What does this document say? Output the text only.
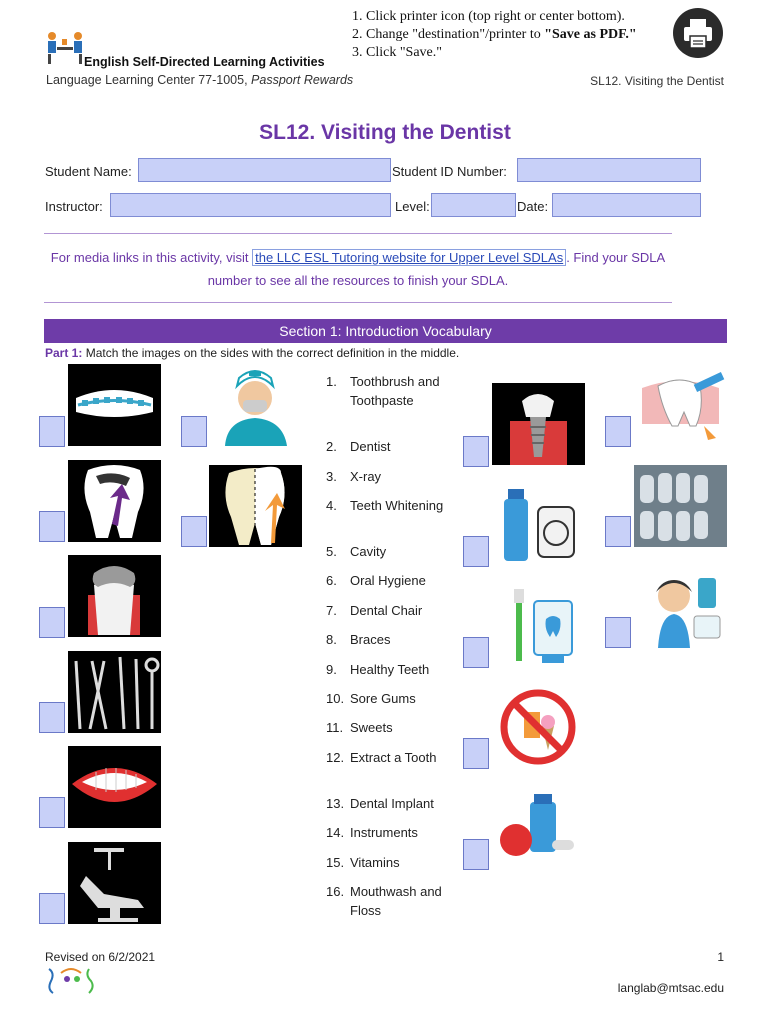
English Self-Directed Learning Activities
Language Learning Center 77-1005, Passport Rewards
1. Click printer icon (top right or center bottom).
2. Change "destination"/printer to "Save as PDF."
3. Click "Save."
SL12. Visiting the Dentist
SL12. Visiting the Dentist
Student Name:	Student ID Number:
Instructor:	Level:	Date:
For media links in this activity, visit the LLC ESL Tutoring website for Upper Level SDLAs . Find your SDLA number to see all the resources to finish your SDLA.
Section 1: Introduction Vocabulary
Part 1: Match the images on the sides with the correct definition in the middle.
1. Toothbrush and Toothpaste
2. Dentist
3. X-ray
4. Teeth Whitening
5. Cavity
6. Oral Hygiene
7. Dental Chair
8. Braces
9. Healthy Teeth
10. Sore Gums
11. Sweets
12. Extract a Tooth
13. Dental Implant
14. Instruments
15. Vitamins
16. Mouthwash and Floss
Revised on 6/2/2021	1
langlab@mtsac.edu
